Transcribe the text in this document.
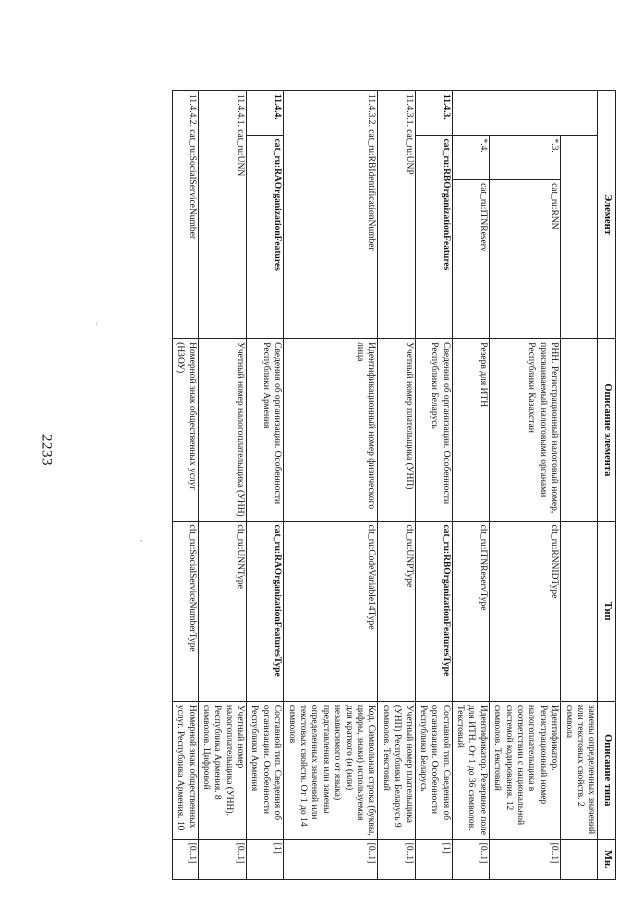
2233
Элемент			Описание элемента	Тип	Описание типа	Мн.
					замены определенных значений или текстовых свойств. 2 символа	
	*.3.	cat_ru:RNN	РНН. Регистрационный налоговый номер, присваиваемый налоговыми органами Республики Казахстан	clt_ru:RNNIDType	Идентификатор. Регистрационный номер налогоплательщика в соответствии с национальной системой кодирования. 12 символов. Текстовый	[0..1]
	*.4.	cat_ru:ITNReserv	Резерв для ИТН	clt_ru:ITNReservType	Идентификатор. Резервное поле для ИТН. От 1 до 36 символов. Текстовый	[0..1]
11.4.3.	cat_ru:RBOrganizationFeatures		Сведения об организации. Особенности Республики Беларусь	cat_ru:RBOrganizationFeaturesType	Составной тип. Сведения об организации. Особенности Республики Беларусь	[1]
11.4.3.1. cat_ru:UNP			Учетный номер плательщика (УНП)	clt_ru:UNPType	Учетный номер плательщика (УНП) Республики Беларусь 9 символов. Текстовый	[0..1]
11.4.3.2. cat_ru:RBIdentificationNumber			Идентификационный номер физического лица	clt_ru:CodeVariable14Type	Код. Символьная строка (буквы, цифры, знаки) используемая для краткого (и (или) независимого от языка) представления или замены определенных значений или текстовых свойств. От 1 до 14 символов	[0..1]
11.4.4.	cat_ru:RAOrganizationFeatures		Сведения об организации. Особенности Республики Армения	cat_ru:RAOrganizationFeaturesType	Составной тип. Сведения об организации. Особенности Республики Армения	[1]
11.4.4.1. cat_ru:UNN			Учетный номер налогоплательщика (УНН)	clt_ru:UNNType	Учетный номер налогоплательщика (УНН). Республика Армения. 8 символов. Цифровой	[0..1]
11.4.4.2. cat_ru:SocialServiceNumber			Номерной знак общественных услуг (НЗОУ)	clt_ru:SocialServiceNumberType	Номерной знак общественных услуг. Республика Армения. 10	[0..1]
